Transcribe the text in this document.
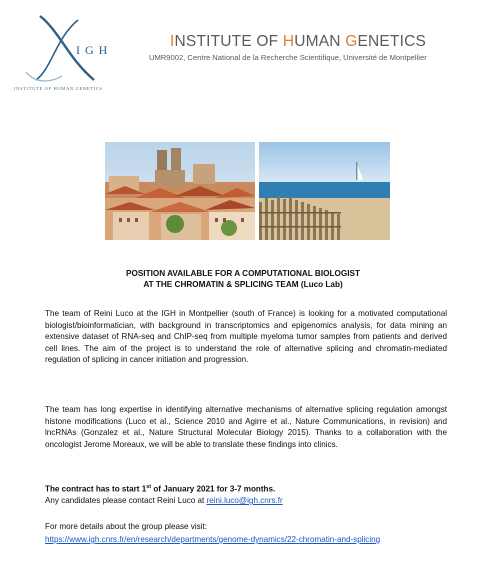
IGH
INSTITUTE OF HUMAN GENETICS
INSTITUTE OF HUMAN GENETICS
UMR9002, Centre National de la Recherche Scientifique, Université de Montpellier
POSITION AVAILABLE FOR A COMPUTATIONAL BIOLOGIST
AT THE CHROMATIN & SPLICING TEAM (Luco Lab)
The team of Reini Luco at the IGH in Montpellier (south of France) is looking for a motivated computational biologist/bioinformatician, with background in transcriptomics and epigenomics analysis, for data mining an extensive dataset of RNA-seq and ChIP-seq from multiple myeloma tumor samples from patients and derived cell lines. The aim of the project is to understand the role of alternative splicing and chromatin-mediated regulation of splicing in cancer initiation and progression.
The team has long expertise in identifying alternative mechanisms of alternative splicing regulation amongst histone modifications (Luco et al., Science 2010 and Agirre et al., Nature Communications, in revision) and lncRNAs (Gonzalez et al., Nature Structural Molecular Biology 2015). Thanks to a collaboration with the oncologist Jerome Moreaux, we will be able to translate these findings into clinics.
The contract has to start 1st of January 2021 for 3-7 months.
Any candidates please contact Reini Luco at reini.luco@igh.cnrs.fr
For more details about the group please visit:
https://www.igh.cnrs.fr/en/research/departments/genome-dynamics/22-chromatin-and-splicing
